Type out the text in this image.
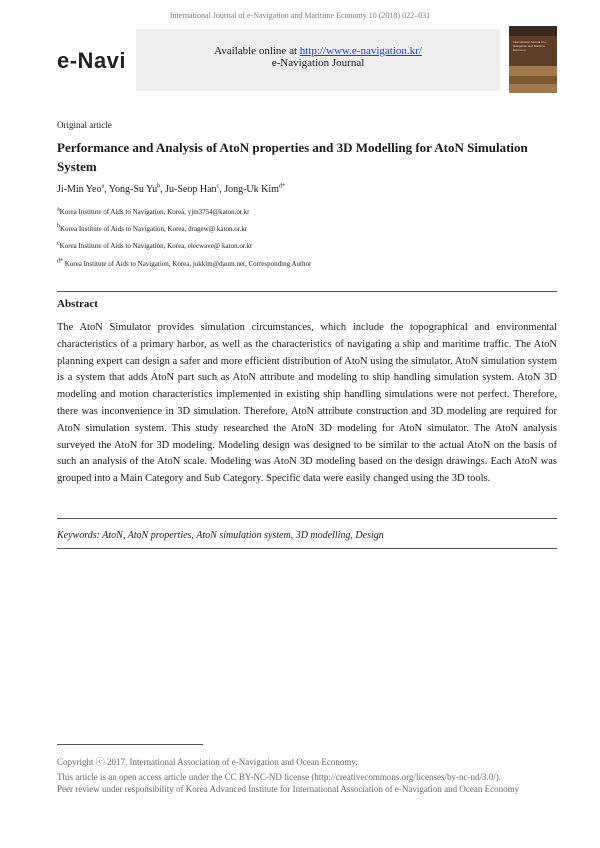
International Journal of e-Navigation and Maritime Economy 10 (2018) 022–031
e-Navi	Available online at http://www.e-navigation.kr/
e-Navigation Journal
International Journal of e-Navigation and Maritime Economy
Original article
Performance and Analysis of AtoN properties and 3D Modelling for AtoN Simulation System
Ji-Min Yeo$^a$, Yong-Su Yu$^b$, Ju-Seop Han$^c$, Jong-Uk Kim$^{d*}$
$^a$Korea Institute of Aids to Navigation, Korea, yjm3754@katon.or.kr
$^b$Korea Institute of Aids to Navigation, Korea, dragew@ katon.or.kr
$^c$Korea Institute of Aids to Navigation, Korea, elecwave@ katon.or.kr
$^{d*}$ Korea Institute of Aids to Navigation, Korea, jukkim@daum.net, Corresponding Author
Abstract
The AtoN Simulator provides simulation circumstances, which include the topographical and environmental characteristics of a primary harbor, as well as the characteristics of navigating a ship and maritime traffic. The AtoN planning expert can design a safer and more efficient distribution of AtoN using the simulator. AtoN simulation system is a system that adds AtoN part such as AtoN attribute and modeling to ship handling simulation system. AtoN 3D modeling and motion characteristics implemented in existing ship handling simulations were not perfect. Therefore, there was inconvenience in 3D simulation. Therefore, AtoN attribute construction and 3D modeling are required for AtoN simulation system. This study researched the AtoN 3D modeling for AtoN simulator. The AtoN analysis surveyed the AtoN for 3D modeling. Modeling design was designed to be similar to the actual AtoN on the basis of such an analysis of the AtoN scale. Modeling was AtoN 3D modeling based on the design drawings. Each AtoN was grouped into a Main Category and Sub Category. Specific data were easily changed using the 3D tools.
Keywords: AtoN, AtoN properties, AtoN simulation system, 3D modelling, Design
Copyright ⓒ 2017, International Association of e-Navigation and Ocean Economy.
This article is an open access article under the CC BY-NC-ND license (http://creativecommons.org/licenses/by-nc-nd/3.0/).
Peer review under responsibility of Korea Advanced Institute for International Association of e-Navigation and Ocean Economy
